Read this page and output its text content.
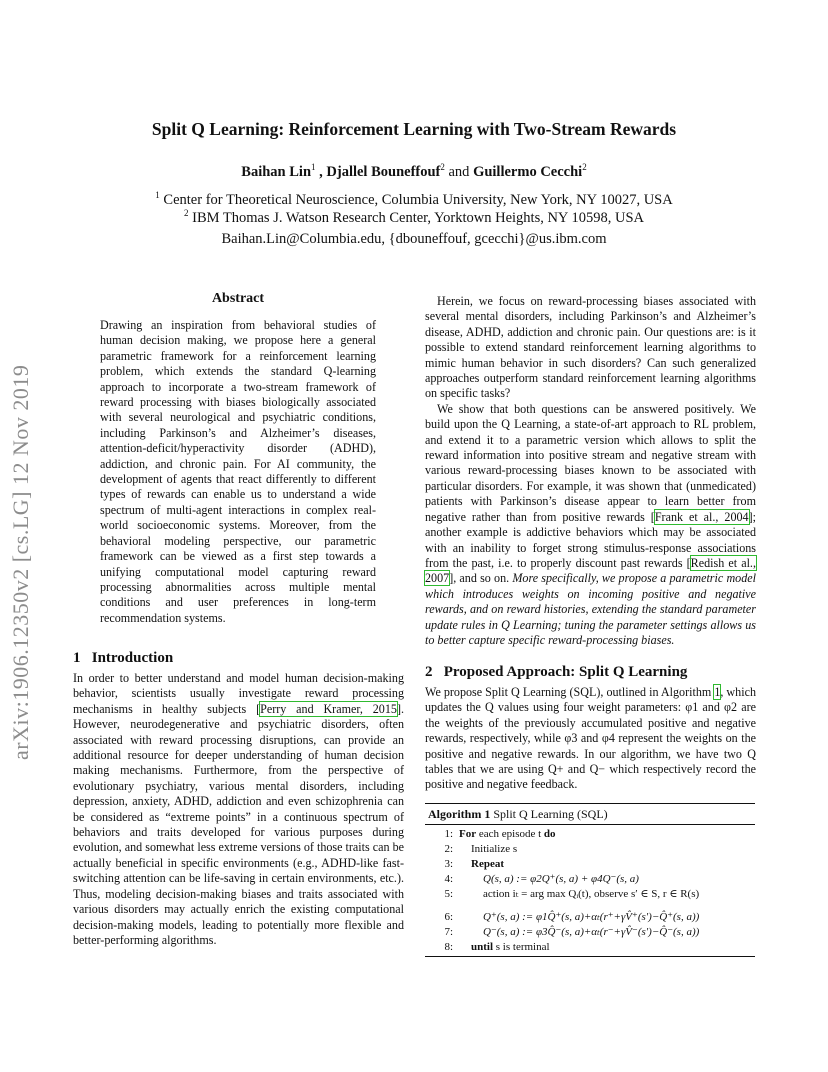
arXiv:1906.12350v2 [cs.LG] 12 Nov 2019
Split Q Learning: Reinforcement Learning with Two-Stream Rewards
Baihan Lin$^1$ , Djallel Bouneffouf$^2$ and Guillermo Cecchi$^2$
$^1$ Center for Theoretical Neuroscience, Columbia University, New York, NY 10027, USA
$^2$ IBM Thomas J. Watson Research Center, Yorktown Heights, NY 10598, USA
Baihan.Lin@Columbia.edu, {dbouneffouf, gcecchi}@us.ibm.com
Abstract

Drawing an inspiration from behavioral studies of human decision making, we propose here a general parametric framework for a reinforcement learning problem, which extends the standard Q-learning approach to incorporate a two-stream framework of reward processing with biases biologically associated with several neurological and psychiatric conditions, including Parkinson’s and Alzheimer’s diseases, attention-deficit/hyperactivity disorder (ADHD), addiction, and chronic pain. For AI community, the development of agents that react differently to different types of rewards can enable us to understand a wide spectrum of multi-agent interactions in complex real-world socioeconomic systems. Moreover, from the behavioral modeling perspective, our parametric framework can be viewed as a first step towards a unifying computational model capturing reward processing abnormalities across multiple mental conditions and user preferences in long-term recommendation systems.

1 Introduction

In order to better understand and model human decision-making behavior, scientists usually investigate reward processing mechanisms in healthy subjects [Perry and Kramer, 2015]. However, neurodegenerative and psychiatric disorders, often associated with reward processing disruptions, can provide an additional resource for deeper understanding of human decision making mechanisms. Furthermore, from the perspective of evolutionary psychiatry, various mental disorders, including depression, anxiety, ADHD, addiction and even schizophrenia can be considered as “extreme points” in a continuous spectrum of behaviors and traits developed for various purposes during evolution, and somewhat less extreme versions of those traits can be actually beneficial in specific environments (e.g., ADHD-like fast-switching attention can be life-saving in certain environments, etc.). Thus, modeling decision-making biases and traits associated with various disorders may actually enrich the existing computational decision-making models, leading to potentially more flexible and better-performing algorithms.

Herein, we focus on reward-processing biases associated with several mental disorders, including Parkinson’s and Alzheimer’s disease, ADHD, addiction and chronic pain. Our questions are: is it possible to extend standard reinforcement learning algorithms to mimic human behavior in such disorders? Can such generalized approaches outperform standard reinforcement learning algorithms on specific tasks?

We show that both questions can be answered positively. We build upon the Q Learning, a state-of-art approach to RL problem, and extend it to a parametric version which allows to split the reward information into positive stream and negative stream with various reward-processing biases known to be associated with particular disorders. For example, it was shown that (unmedicated) patients with Parkinson’s disease appear to learn better from negative rather than from positive rewards [Frank et al., 2004]; another example is addictive behaviors which may be associated with an inability to forget strong stimulus-response associations from the past, i.e. to properly discount past rewards [Redish et al., 2007], and so on. More specifically, we propose a parametric model which introduces weights on incoming positive and negative rewards, and on reward histories, extending the standard parameter update rules in Q Learning; tuning the parameter settings allows us to better capture specific reward-processing biases.

2 Proposed Approach: Split Q Learning

We propose Split Q Learning (SQL), outlined in Algorithm 1, which updates the Q values using four weight parameters: φ1 and φ2 are the weights of the previously accumulated positive and negative rewards, respectively, while φ3 and φ4 represent the weights on the positive and negative rewards. In our algorithm, we have two Q tables that we are using Q+ and Q− which respectively record the positive and negative feedback.

Algorithm 1 Split Q Learning (SQL)
1: For each episode t do
2:	Initialize s
3:	Repeat
4:	Q(s, a) := φ2Q⁺(s, a) + φ4Q⁻(s, a)
5:	action iₜ = arg max Qᵢ(t), observe s′ ∈ S, r ∈ R(s)
6:	Q⁺(s, a) := φ1Q̂⁺(s, a)+αₜ(r⁺+γV̂⁺(s′)−Q̂⁺(s, a))
7:	Q⁻(s, a) := φ3Q̂⁻(s, a)+αₜ(r⁻+γV̂⁻(s′)−Q̂⁻(s, a))
8:	until s is terminal
